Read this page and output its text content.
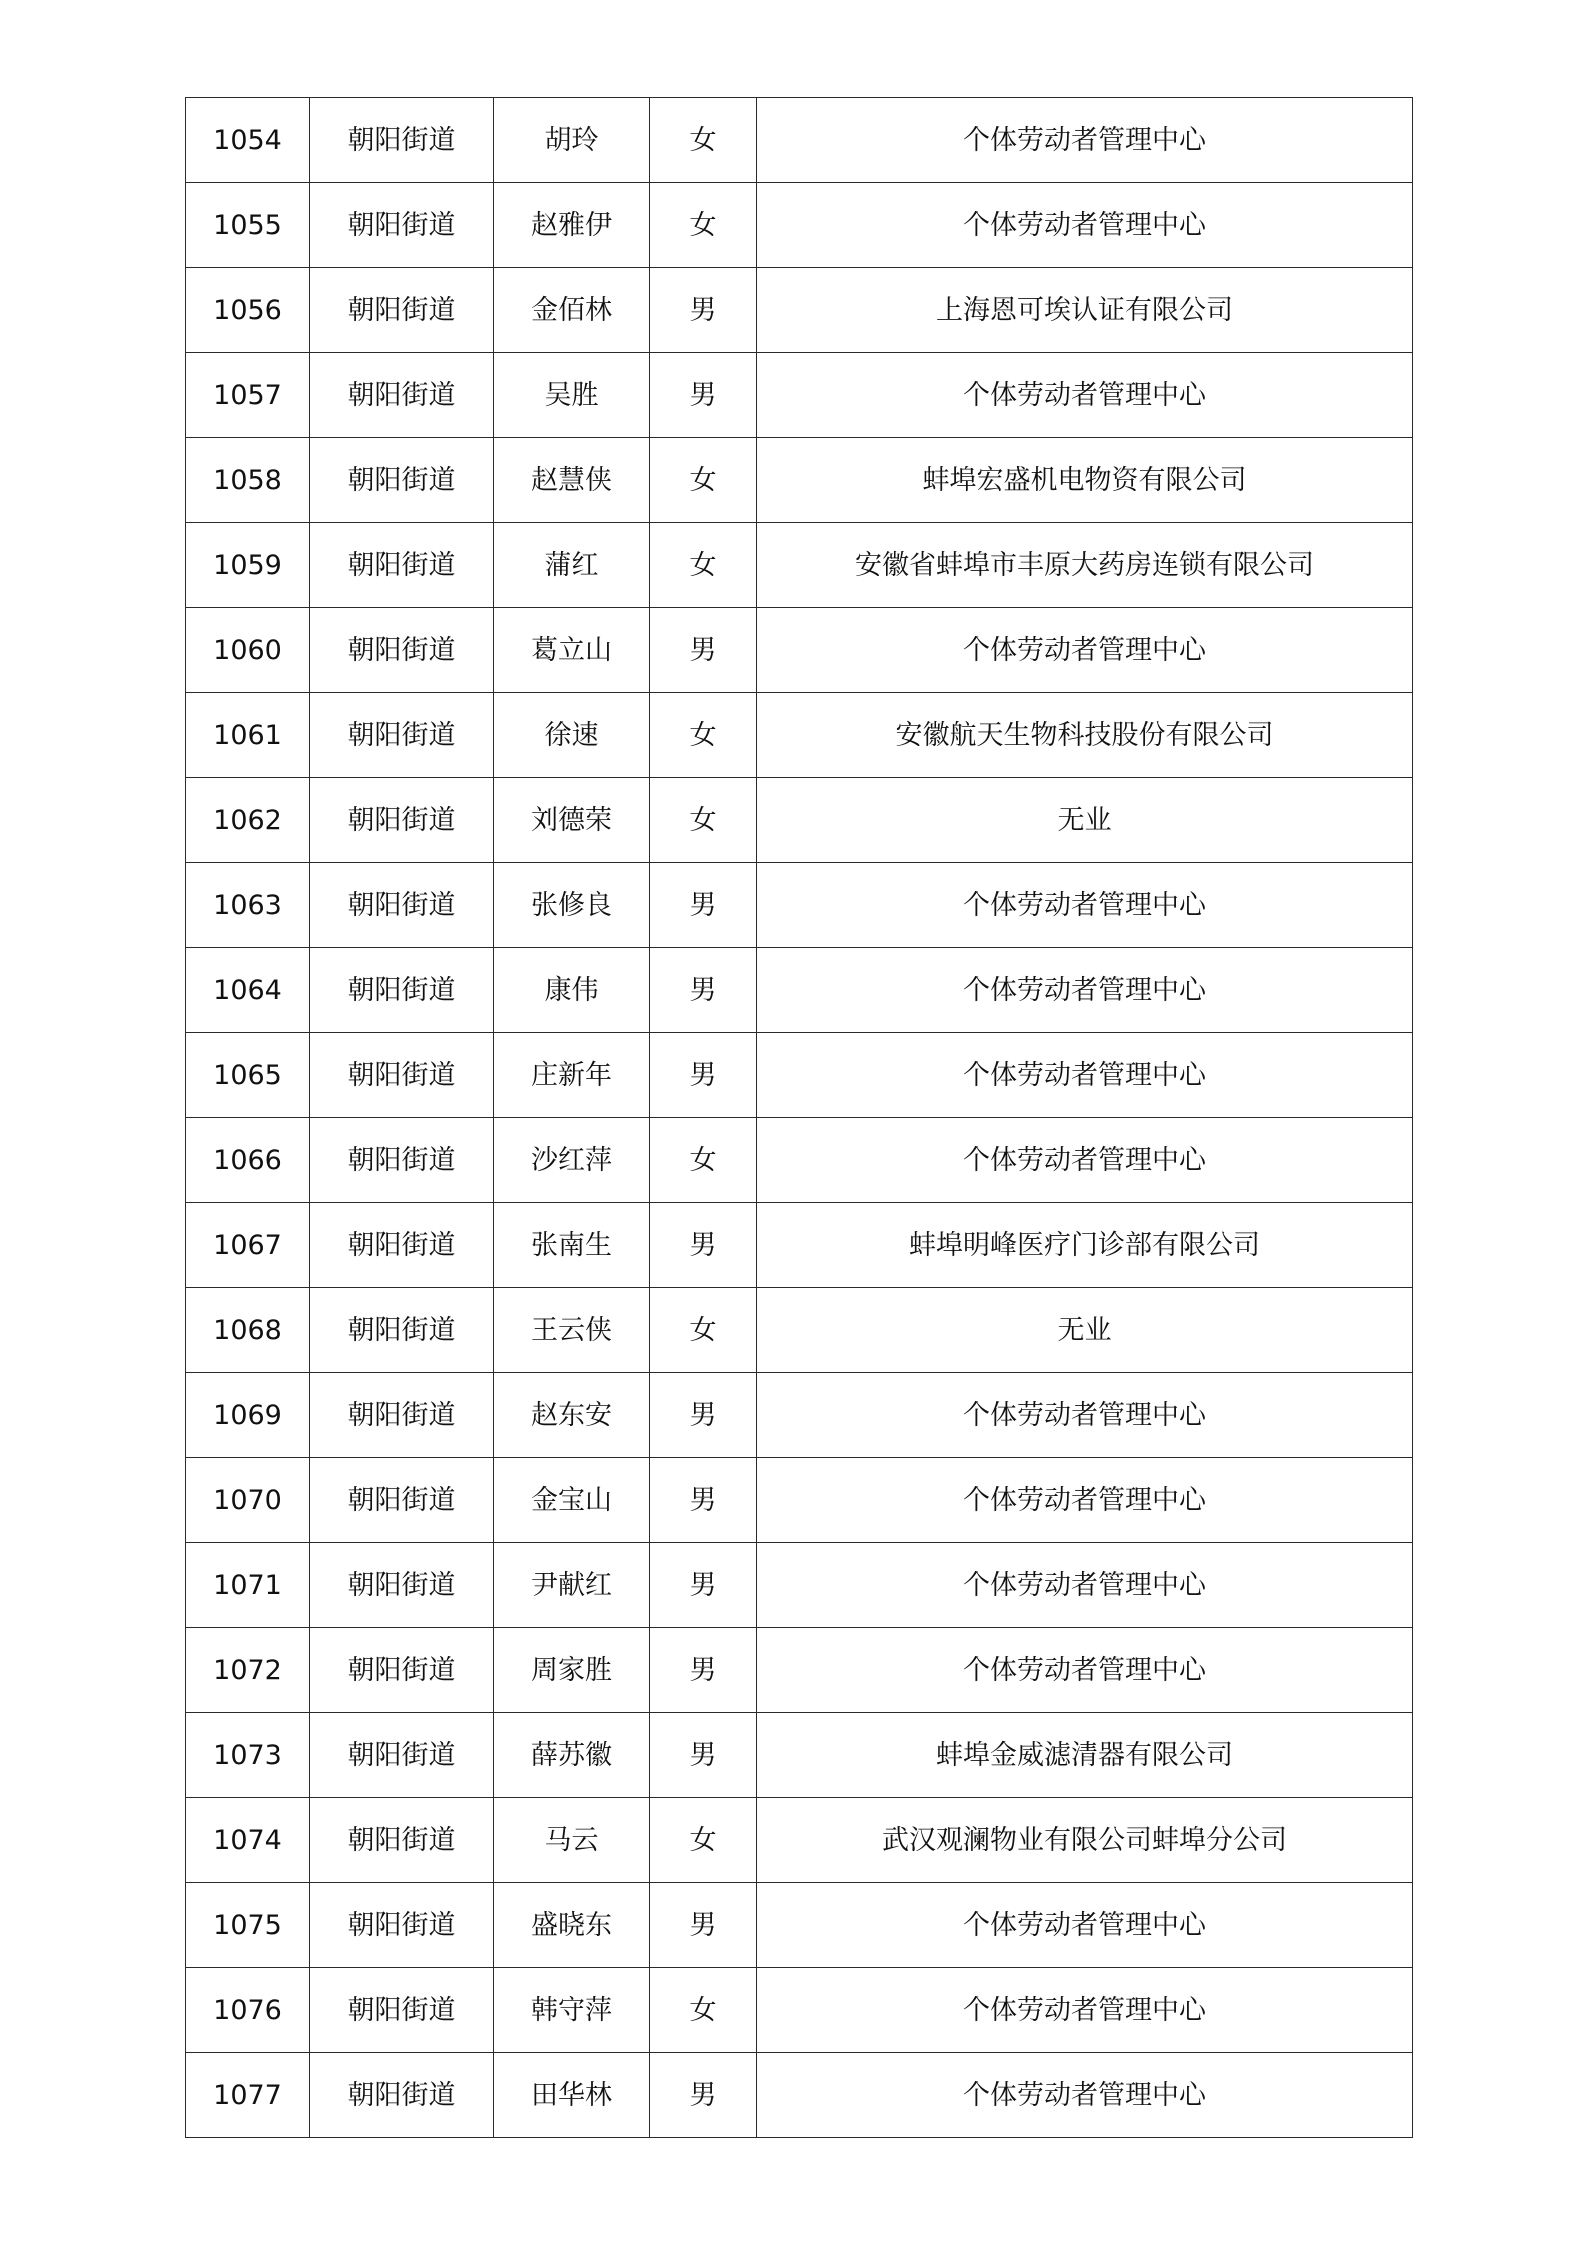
1054	朝阳街道	胡玲	女	个体劳动者管理中心
1055	朝阳街道	赵雅伊	女	个体劳动者管理中心
1056	朝阳街道	金佰林	男	上海恩可埃认证有限公司
1057	朝阳街道	吴胜	男	个体劳动者管理中心
1058	朝阳街道	赵慧侠	女	蚌埠宏盛机电物资有限公司
1059	朝阳街道	蒲红	女	安徽省蚌埠市丰原大药房连锁有限公司
1060	朝阳街道	葛立山	男	个体劳动者管理中心
1061	朝阳街道	徐速	女	安徽航天生物科技股份有限公司
1062	朝阳街道	刘德荣	女	无业
1063	朝阳街道	张修良	男	个体劳动者管理中心
1064	朝阳街道	康伟	男	个体劳动者管理中心
1065	朝阳街道	庄新年	男	个体劳动者管理中心
1066	朝阳街道	沙红萍	女	个体劳动者管理中心
1067	朝阳街道	张南生	男	蚌埠明峰医疗门诊部有限公司
1068	朝阳街道	王云侠	女	无业
1069	朝阳街道	赵东安	男	个体劳动者管理中心
1070	朝阳街道	金宝山	男	个体劳动者管理中心
1071	朝阳街道	尹献红	男	个体劳动者管理中心
1072	朝阳街道	周家胜	男	个体劳动者管理中心
1073	朝阳街道	薛苏徽	男	蚌埠金威滤清器有限公司
1074	朝阳街道	马云	女	武汉观澜物业有限公司蚌埠分公司
1075	朝阳街道	盛晓东	男	个体劳动者管理中心
1076	朝阳街道	韩守萍	女	个体劳动者管理中心
1077	朝阳街道	田华林	男	个体劳动者管理中心
